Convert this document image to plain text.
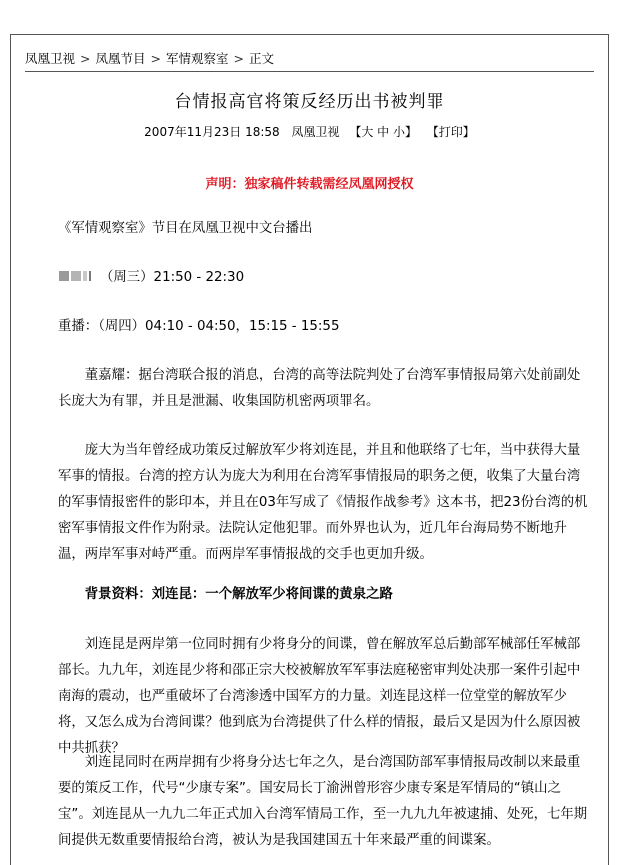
凤凰卫视 > 凤凰节目 > 军情观察室 > 正文
台情报高官将策反经历出书被判罪
2007年11月23日 18:58 凤凰卫视 【大 中 小】 【打印】
声明：独家稿件转载需经凤凰网授权
《军情观察室》节目在凤凰卫视中文台播出
（周三）21:50 - 22:30
重播：（周四）04:10 - 04:50，15:15 - 15:55
董嘉耀：据台湾联合报的消息，台湾的高等法院判处了台湾军事情报局第六处前副处长庞大为有罪，并且是泄漏、收集国防机密两项罪名。
庞大为当年曾经成功策反过解放军少将刘连昆，并且和他联络了七年，当中获得大量军事的情报。台湾的控方认为庞大为利用在台湾军事情报局的职务之便，收集了大量台湾的军事情报密件的影印本，并且在03年写成了《情报作战参考》这本书，把23份台湾的机密军事情报文件作为附录。法院认定他犯罪。而外界也认为，近几年台海局势不断地升温，两岸军事对峙严重。而两岸军事情报战的交手也更加升级。
背景资料：刘连昆：一个解放军少将间谍的黄泉之路
刘连昆是两岸第一位同时拥有少将身分的间谍，曾在解放军总后勤部军械部任军械部部长。九九年，刘连昆少将和邵正宗大校被解放军军事法庭秘密审判处决那一案件引起中南海的震动，也严重破坏了台湾渗透中国军方的力量。刘连昆这样一位堂堂的解放军少将，又怎么成为台湾间谍？他到底为台湾提供了什么样的情报，最后又是因为什么原因被中共抓获？
刘连昆同时在两岸拥有少将身分达七年之久，是台湾国防部军事情报局改制以来最重要的策反工作，代号“少康专案”。国安局长丁渝洲曾形容少康专案是军情局的“镇山之宝”。刘连昆从一九九二年正式加入台湾军情局工作，至一九九九年被逮捕、处死，七年期间提供无数重要情报给台湾，被认为是我国建国五十年来最严重的间谍案。
